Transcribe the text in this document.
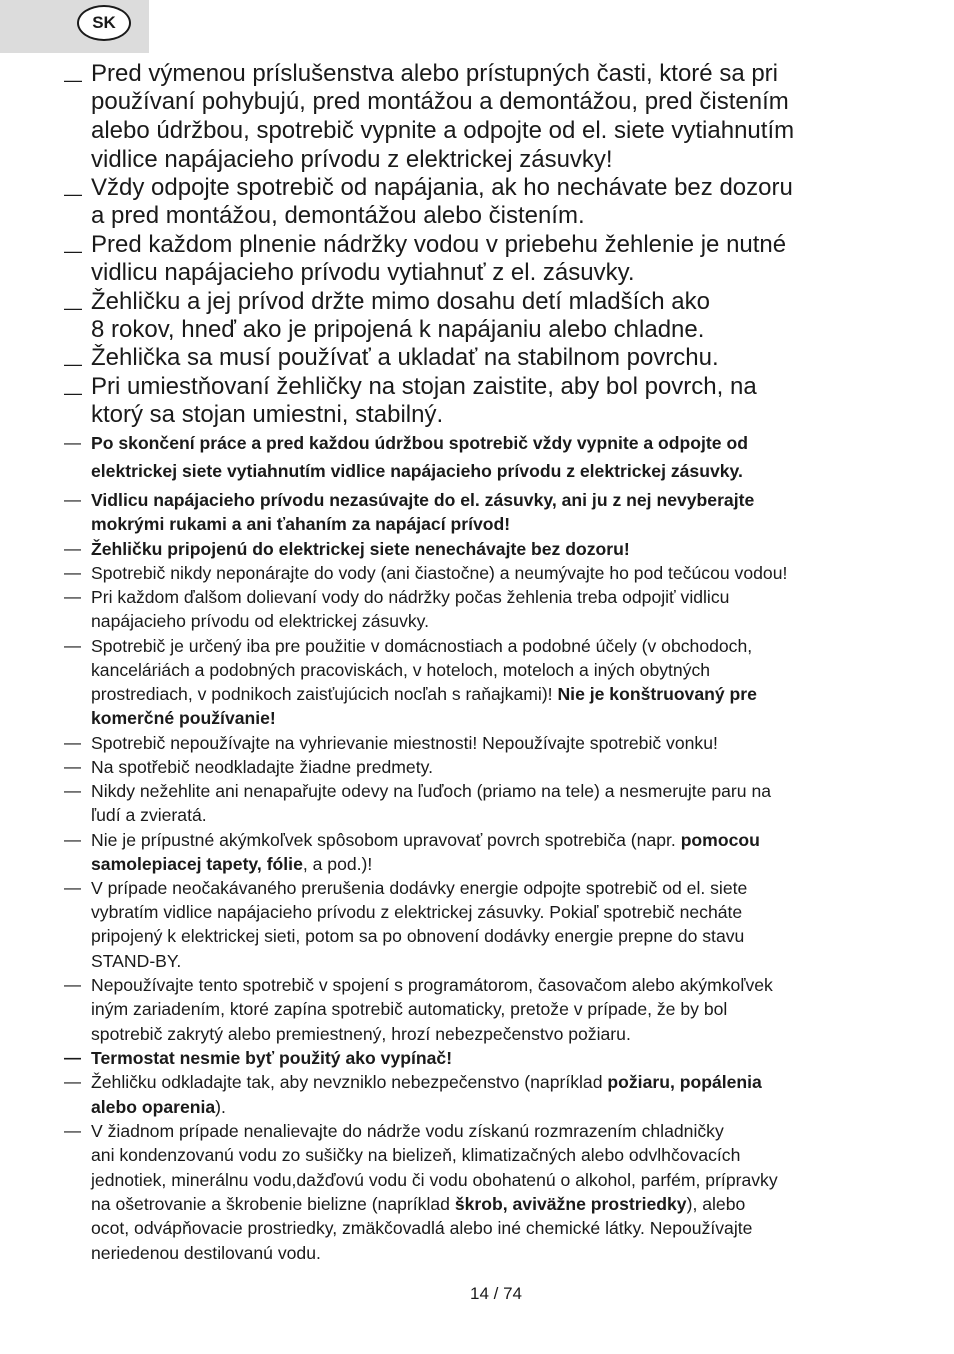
SK
— Pred výmenou príslušenstva alebo prístupných časti, ktoré sa pri
používaní pohybujú, pred montážou a demontážou, pred čistením
alebo údržbou, spotrebič vypnite a odpojte od el. siete vytiahnutím
vidlice napájacieho prívodu z elektrickej zásuvky!
— Vždy odpojte spotrebič od napájania, ak ho nechávate bez dozoru
a pred montážou, demontážou alebo čistením.
— Pred každom plnenie nádržky vodou v priebehu žehlenie je nutné
vidlicu napájacieho prívodu vytiahnuť z el. zásuvky.
— Žehličku a jej prívod držte mimo dosahu detí mladších ako
8 rokov, hneď ako je pripojená k napájaniu alebo chladne.
— Žehlička sa musí používať a ukladať na stabilnom povrchu.
— Pri umiestňovaní žehličky na stojan zaistite, aby bol povrch, na
ktorý sa stojan umiestni, stabilný.
— Po skončení práce a pred každou údržbou spotrebič vždy vypnite a odpojte od
elektrickej siete vytiahnutím vidlice napájacieho prívodu z elektrickej zásuvky.
— Vidlicu napájacieho prívodu nezasúvajte do el. zásuvky, ani ju z nej nevyberajte
mokrými rukami a ani ťahaním za napájací prívod!
— Žehličku pripojenú do elektrickej siete nenechávajte bez dozoru!
— Spotrebič nikdy neponárajte do vody (ani čiastočne) a neumývajte ho pod tečúcou vodou!
— Pri každom ďalšom dolievaní vody do nádržky počas žehlenia treba odpojiť vidlicu
napájacieho prívodu od elektrickej zásuvky.
— Spotrebič je určený iba pre použitie v domácnostiach a podobné účely (v obchodoch,
kanceláriách a podobných pracoviskách, v hoteloch, moteloch a iných obytných
prostrediach, v podnikoch zaisťujúcich nocľah s raňajkami)! Nie je konštruovaný pre
komerčné používanie!
— Spotrebič nepoužívajte na vyhrievanie miestnosti! Nepoužívajte spotrebič vonku!
— Na spotřebič neodkladajte žiadne predmety.
— Nikdy nežehlite ani nenapařujte odevy na ľuďoch (priamo na tele) a nesmerujte paru na
ľudí a zvieratá.
— Nie je prípustné akýmkoľvek spôsobom upravovať povrch spotrebiča (napr. pomocou
samolepiacej tapety, fólie, a pod.)!
— V prípade neočakávaného prerušenia dodávky energie odpojte spotrebič od el. siete
vybratím vidlice napájacieho prívodu z elektrickej zásuvky. Pokiaľ spotrebič necháte
pripojený k elektrickej sieti, potom sa po obnovení dodávky energie prepne do stavu
STAND-BY.
— Nepoužívajte tento spotrebič v spojení s programátorom, časovačom alebo akýmkoľvek
iným zariadením, ktoré zapína spotrebič automaticky, pretože v prípade, že by bol
spotrebič zakrytý alebo premiestnený, hrozí nebezpečenstvo požiaru.
— Termostat nesmie byť použitý ako vypínač!
— Žehličku odkladajte tak, aby nevzniklo nebezpečenstvo (napríklad požiaru, popálenia
alebo oparenia).
— V žiadnom prípade nenalievajte do nádrže vodu získanú rozmrazením chladničky
ani kondenzovanú vodu zo sušičky na bielizeň, klimatizačných alebo odvlhčovacích
jednotiek, minerálnu vodu,dažďovú vodu či vodu obohatenú o alkohol, parfém, prípravky
na ošetrovanie a škrobenie bielizne (napríklad škrob, aviväžne prostriedky), alebo
ocot, odvápňovacie prostriedky, zmäkčovadlá alebo iné chemické látky. Nepoužívajte
neriedenou destilovanú vodu.
14 / 74
